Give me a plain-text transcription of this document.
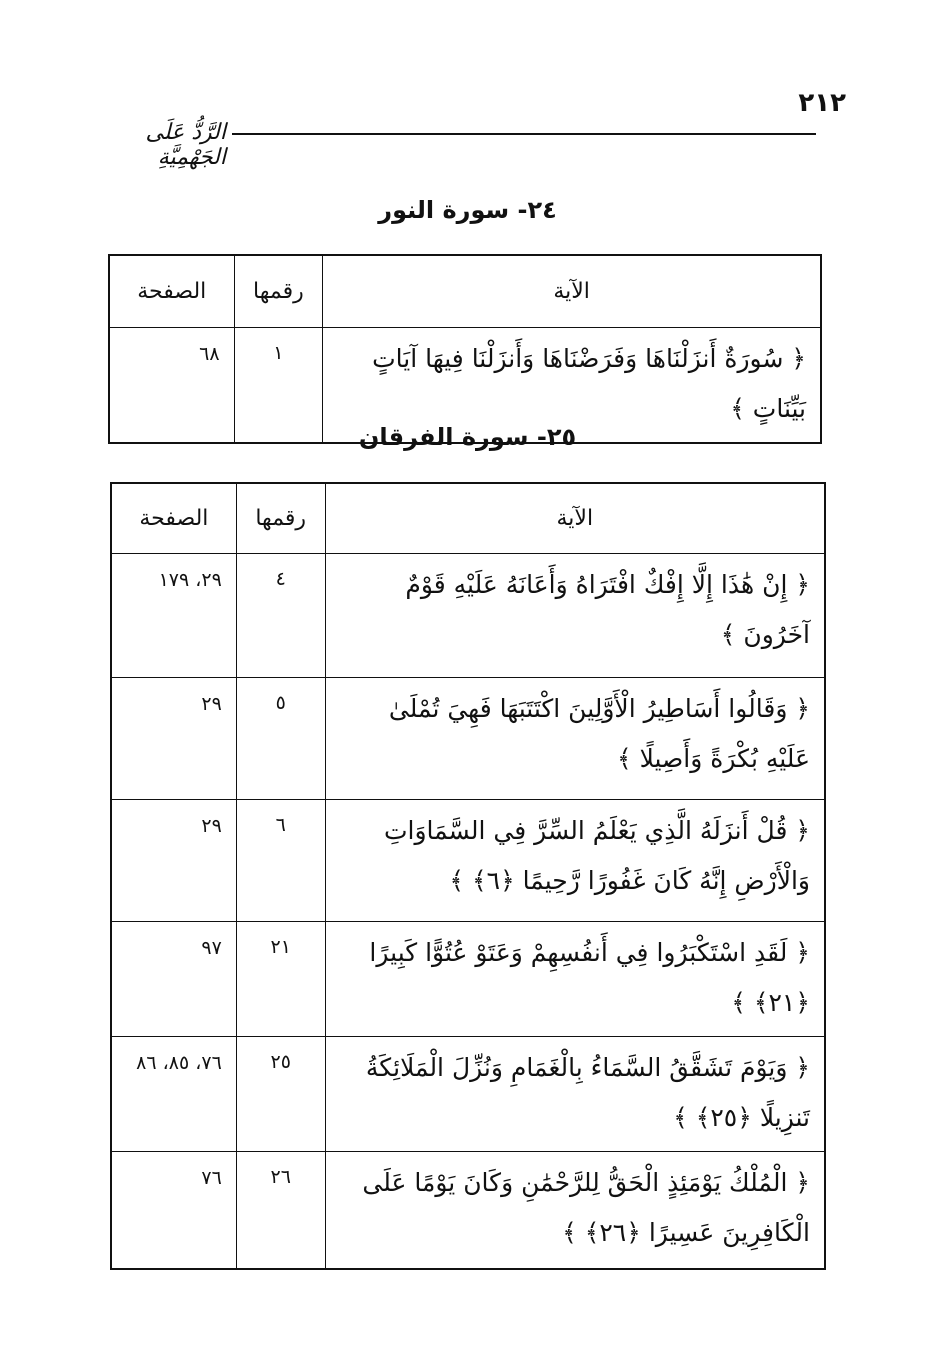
٢١٢
الرَّدُّ عَلَى الجَهْمِيَّةِ
٢٤- سورة النور
الآية	رقمها	الصفحة
﴿ سُورَةٌ أَنزَلْنَاهَا وَفَرَضْنَاهَا وَأَنزَلْنَا فِيهَا آيَاتٍ بَيِّنَاتٍ ﴾	١	٦٨
٢٥- سورة الفرقان
الآية	رقمها	الصفحة
﴿ إِنْ هَٰذَا إِلَّا إِفْكٌ افْتَرَاهُ وَأَعَانَهُ عَلَيْهِ قَوْمٌ آخَرُونَ ﴾	٤	٢٩، ١٧٩
﴿ وَقَالُوا أَسَاطِيرُ الْأَوَّلِينَ اكْتَتَبَهَا فَهِيَ تُمْلَىٰ عَلَيْهِ بُكْرَةً وَأَصِيلًا ﴾	٥	٢٩
﴿ قُلْ أَنزَلَهُ الَّذِي يَعْلَمُ السِّرَّ فِي السَّمَاوَاتِ وَالْأَرْضِ إِنَّهُ كَانَ غَفُورًا رَّحِيمًا ﴿٦﴾ ﴾	٦	٢٩
﴿ لَقَدِ اسْتَكْبَرُوا فِي أَنفُسِهِمْ وَعَتَوْ عُتُوًّا كَبِيرًا ﴿٢١﴾ ﴾	٢١	٩٧
﴿ وَيَوْمَ تَشَقَّقُ السَّمَاءُ بِالْغَمَامِ وَنُزِّلَ الْمَلَائِكَةُ تَنزِيلًا ﴿٢٥﴾ ﴾	٢٥	٧٦، ٨٥، ٨٦
﴿ الْمُلْكُ يَوْمَئِذٍ الْحَقُّ لِلرَّحْمَٰنِ وَكَانَ يَوْمًا عَلَى الْكَافِرِينَ عَسِيرًا ﴿٢٦﴾ ﴾	٢٦	٧٦
